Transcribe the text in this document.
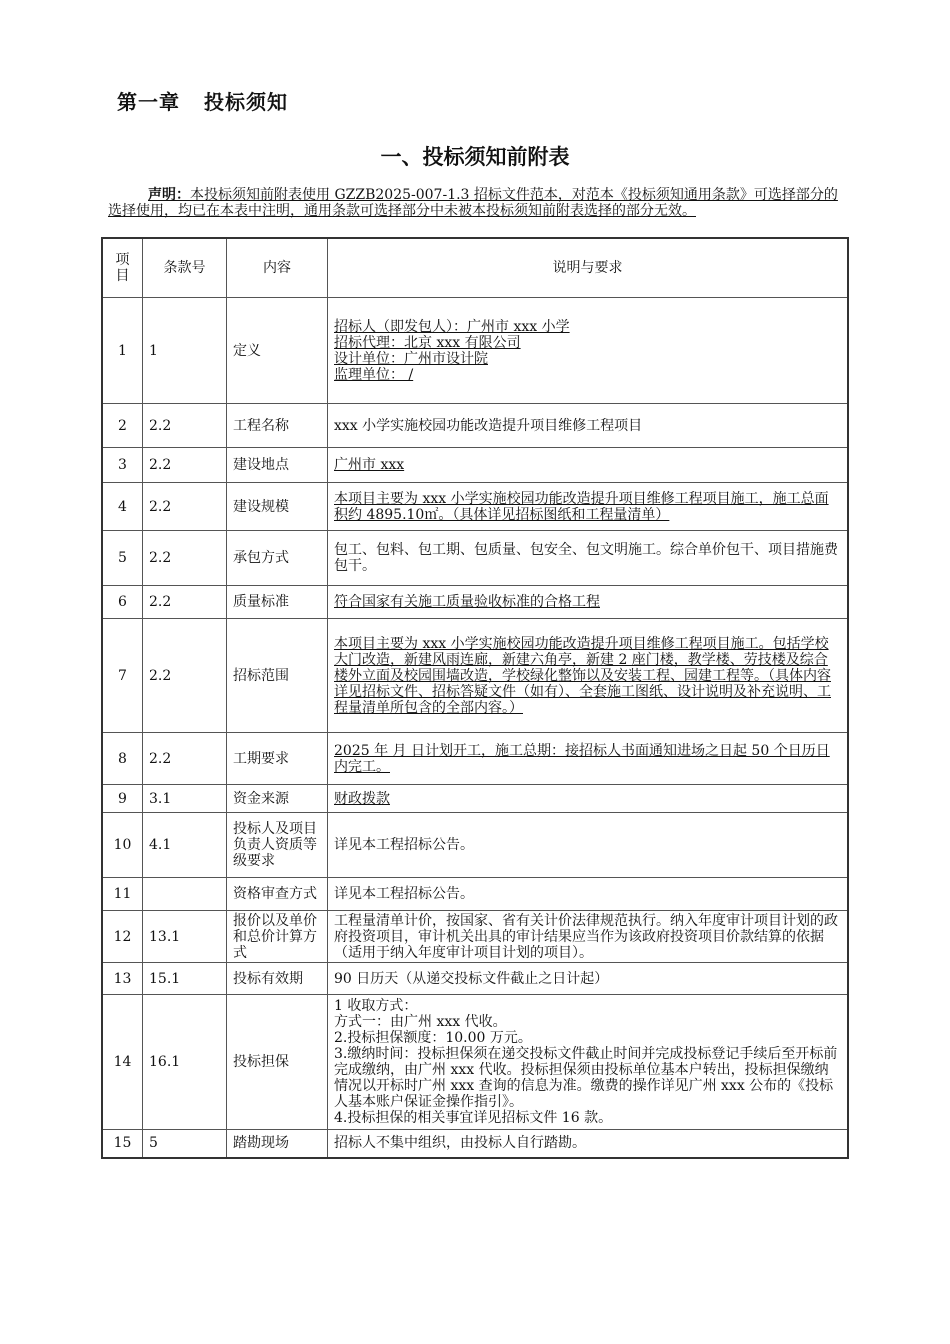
第一章 投标须知
一、投标须知前附表
声明：本投标须知前附表使用 GZZB2025-007-1.3 招标文件范本，对范本《投标须知通用条款》可选择部分的选择使用，均已在本表中注明，通用条款可选择部分中未被本投标须知前附表选择的部分无效。
项目	条款号	内容	说明与要求
1	1	定义	招标人（即发包人）：广州市 xxx 小学
招标代理：北京 xxx 有限公司
设计单位：广州市设计院
监理单位： /
2	2.2	工程名称	xxx 小学实施校园功能改造提升项目维修工程项目
3	2.2	建设地点	广州市 xxx
4	2.2	建设规模	本项目主要为 xxx 小学实施校园功能改造提升项目维修工程项目施工，施工总面积约 4895.10㎡。（具体详见招标图纸和工程量清单）
5	2.2	承包方式	包工、包料、包工期、包质量、包安全、包文明施工。综合单价包干、项目措施费包干。
6	2.2	质量标准	符合国家有关施工质量验收标准的合格工程
7	2.2	招标范围	本项目主要为 xxx 小学实施校园功能改造提升项目维修工程项目施工。包括学校大门改造，新建风雨连廊，新建六角亭，新建 2 座门楼，教学楼、劳技楼及综合楼外立面及校园围墙改造，学校绿化整饰以及安装工程、园建工程等。（具体内容详见招标文件、招标答疑文件（如有）、全套施工图纸、设计说明及补充说明、工程量清单所包含的全部内容。）
8	2.2	工期要求	2025 年 月 日计划开工，施工总期：接招标人书面通知进场之日起 50 个日历日内完工。
9	3.1	资金来源	财政拨款
10	4.1	投标人及项目负责人资质等级要求	详见本工程招标公告。
11		资格审查方式	详见本工程招标公告。
12	13.1	报价以及单价和总价计算方式	工程量清单计价，按国家、省有关计价法律规范执行。纳入年度审计项目计划的政府投资项目，审计机关出具的审计结果应当作为该政府投资项目价款结算的依据（适用于纳入年度审计项目计划的项目）。
13	15.1	投标有效期	90 日历天（从递交投标文件截止之日计起）
14	16.1	投标担保	1 收取方式：
方式一：由广州 xxx 代收。
2.投标担保额度：10.00 万元。
3.缴纳时间：投标担保须在递交投标文件截止时间并完成投标登记手续后至开标前完成缴纳，由广州 xxx 代收。投标担保须由投标单位基本户转出，投标担保缴纳情况以开标时广州 xxx 查询的信息为准。缴费的操作详见广州 xxx 公布的《投标人基本账户保证金操作指引》。
4.投标担保的相关事宜详见招标文件 16 款。
15	5	踏勘现场	招标人不集中组织，由投标人自行踏勘。
